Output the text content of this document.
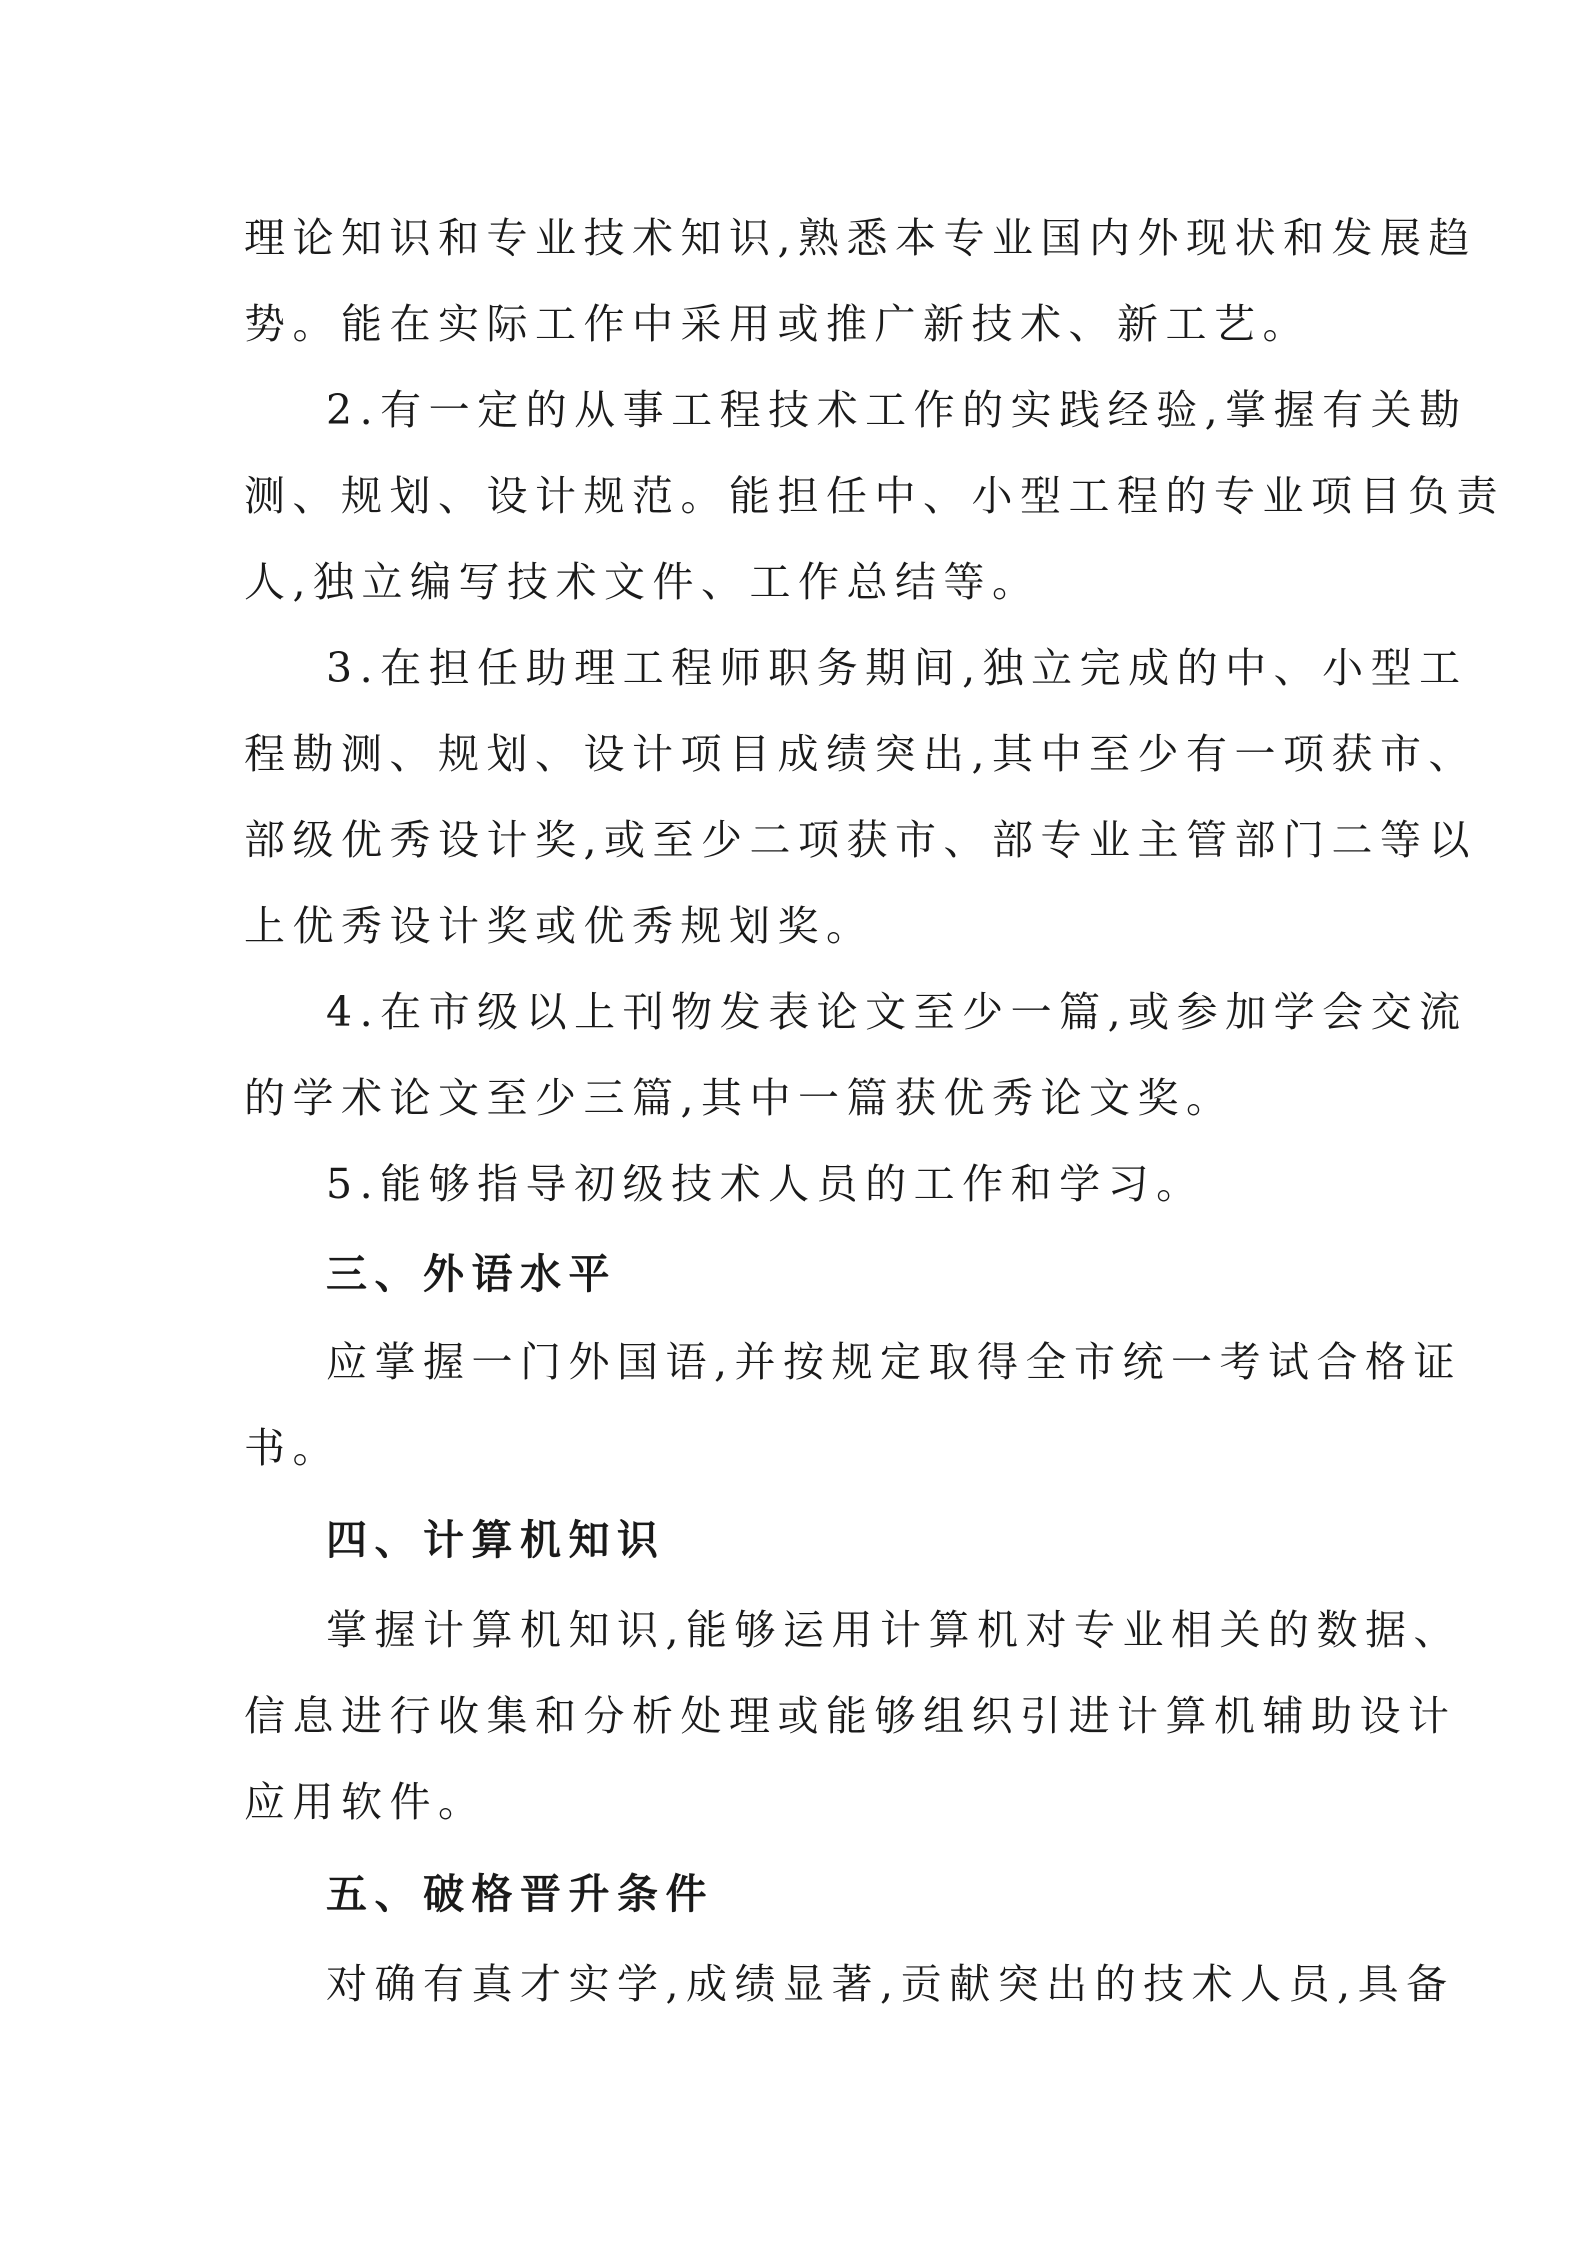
理论知识和专业技术知识,熟悉本专业国内外现状和发展趋
势。能在实际工作中采用或推广新技术、新工艺。
2.有一定的从事工程技术工作的实践经验,掌握有关勘
测、规划、设计规范。能担任中、小型工程的专业项目负责
人,独立编写技术文件、工作总结等。
3.在担任助理工程师职务期间,独立完成的中、小型工
程勘测、规划、设计项目成绩突出,其中至少有一项获市、
部级优秀设计奖,或至少二项获市、部专业主管部门二等以
上优秀设计奖或优秀规划奖。
4.在市级以上刊物发表论文至少一篇,或参加学会交流
的学术论文至少三篇,其中一篇获优秀论文奖。
5.能够指导初级技术人员的工作和学习。
三、外语水平
应掌握一门外国语,并按规定取得全市统一考试合格证
书。
四、计算机知识
掌握计算机知识,能够运用计算机对专业相关的数据、
信息进行收集和分析处理或能够组织引进计算机辅助设计
应用软件。
五、破格晋升条件
对确有真才实学,成绩显著,贡献突出的技术人员,具备
